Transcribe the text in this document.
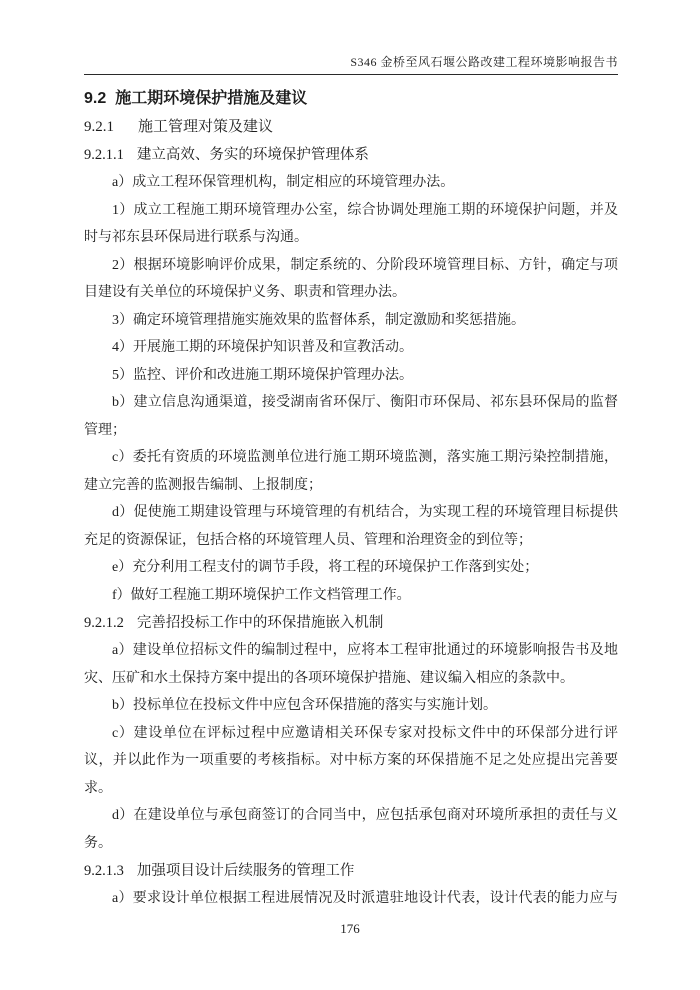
S346 金桥至风石堰公路改建工程环境影响报告书
9.2 施工期环境保护措施及建议
9.2.1 施工管理对策及建议
9.2.1.1 建立高效、务实的环境保护管理体系
a）成立工程环保管理机构，制定相应的环境管理办法。
1）成立工程施工期环境管理办公室，综合协调处理施工期的环境保护问题，并及时与祁东县环保局进行联系与沟通。
2）根据环境影响评价成果，制定系统的、分阶段环境管理目标、方针，确定与项目建设有关单位的环境保护义务、职责和管理办法。
3）确定环境管理措施实施效果的监督体系，制定激励和奖惩措施。
4）开展施工期的环境保护知识普及和宣教活动。
5）监控、评价和改进施工期环境保护管理办法。
b）建立信息沟通渠道，接受湖南省环保厅、衡阳市环保局、祁东县环保局的监督管理；
c）委托有资质的环境监测单位进行施工期环境监测，落实施工期污染控制措施，建立完善的监测报告编制、上报制度；
d）促使施工期建设管理与环境管理的有机结合，为实现工程的环境管理目标提供充足的资源保证，包括合格的环境管理人员、管理和治理资金的到位等；
e）充分利用工程支付的调节手段，将工程的环境保护工作落到实处；
f）做好工程施工期环境保护工作文档管理工作。
9.2.1.2 完善招投标工作中的环保措施嵌入机制
a）建设单位招标文件的编制过程中，应将本工程审批通过的环境影响报告书及地灾、压矿和水土保持方案中提出的各项环境保护措施、建议编入相应的条款中。
b）投标单位在投标文件中应包含环保措施的落实与实施计划。
c）建设单位在评标过程中应邀请相关环保专家对投标文件中的环保部分进行评议，并以此作为一项重要的考核指标。对中标方案的环保措施不足之处应提出完善要求。
d）在建设单位与承包商签订的合同当中，应包括承包商对环境所承担的责任与义务。
9.2.1.3 加强项目设计后续服务的管理工作
a）要求设计单位根据工程进展情况及时派遣驻地设计代表，设计代表的能力应与
176
